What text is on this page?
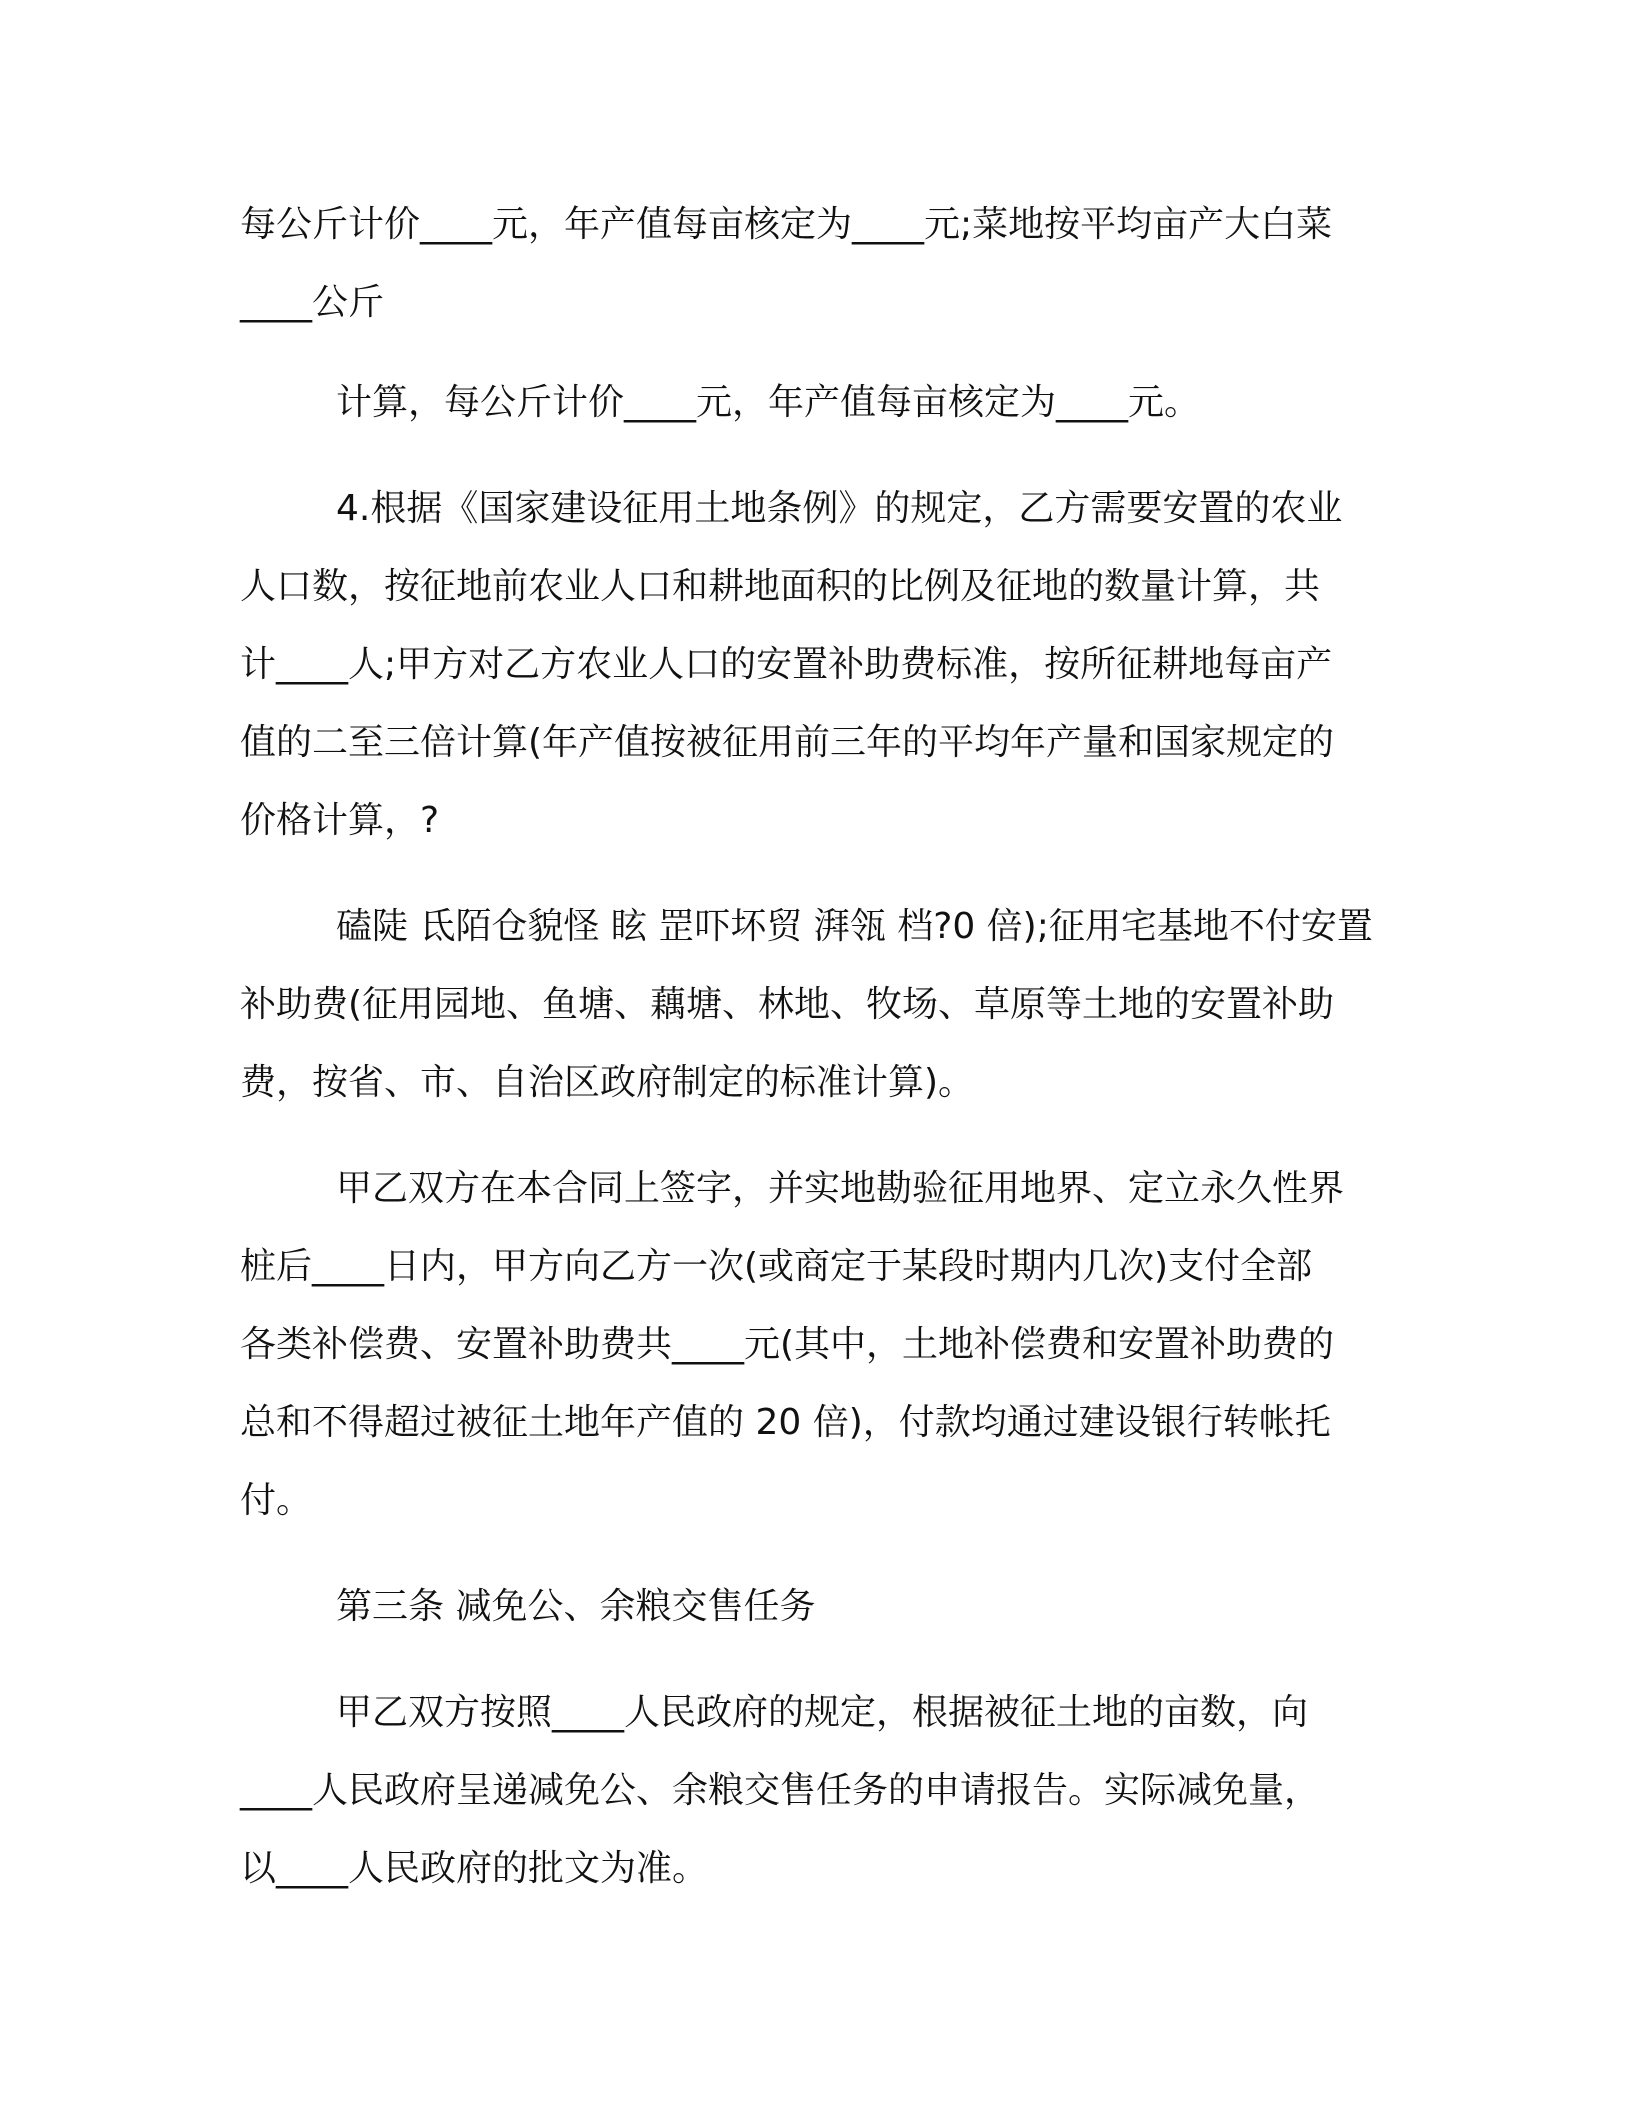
每公斤计价____元，年产值每亩核定为____元;菜地按平均亩产大白菜
____公斤
计算，每公斤计价____元，年产值每亩核定为____元。
4.根据《国家建设征用土地条例》的规定，乙方需要安置的农业
人口数，按征地前农业人口和耕地面积的比例及征地的数量计算，共
计____人;甲方对乙方农业人口的安置补助费标准，按所征耕地每亩产
值的二至三倍计算(年产值按被征用前三年的平均年产量和国家规定的
价格计算，?
磕陡 氐陌仓貌怪 眩 罡吓坏贸 湃瓴 档?0 倍);征用宅基地不付安置
补助费(征用园地、鱼塘、藕塘、林地、牧场、草原等土地的安置补助
费，按省、市、自治区政府制定的标准计算)。
甲乙双方在本合同上签字，并实地勘验征用地界、定立永久性界
桩后____日内，甲方向乙方一次(或商定于某段时期内几次)支付全部
各类补偿费、安置补助费共____元(其中，土地补偿费和安置补助费的
总和不得超过被征土地年产值的 20 倍)，付款均通过建设银行转帐托
付。
第三条 减免公、余粮交售任务
甲乙双方按照____人民政府的规定，根据被征土地的亩数，向
____人民政府呈递减免公、余粮交售任务的申请报告。实际减免量，
以____人民政府的批文为准。
